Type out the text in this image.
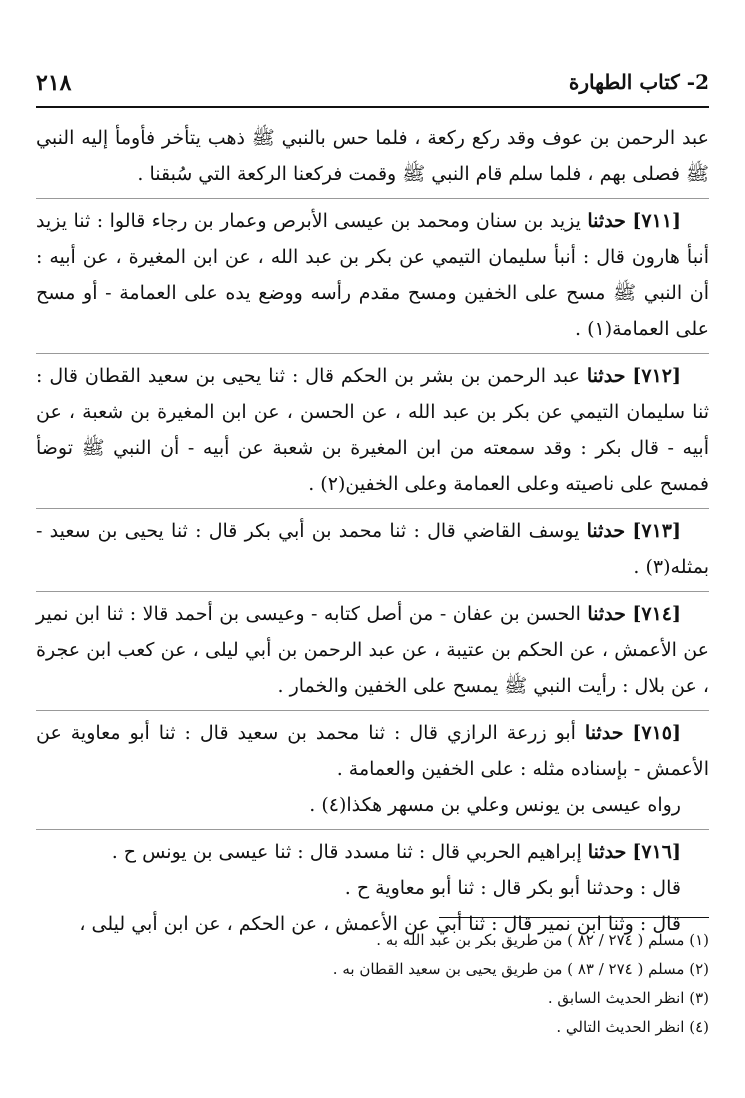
٢١٨	2- كتاب الطهارة

عبد الرحمن بن عوف وقد ركع ركعة ، فلما حس بالنبي ﷺ ذهب يتأخر فأومأ إليه النبي ﷺ فصلى بهم ، فلما سلم قام النبي ﷺ وقمت فركعنا الركعة التي سُبقنا .

[٧١١] حدثنا يزيد بن سنان ومحمد بن عيسى الأبرص وعمار بن رجاء قالوا : ثنا يزيد أنبأ هارون قال : أنبأ سليمان التيمي عن بكر بن عبد الله ، عن ابن المغيرة ، عن أبيه : أن النبي ﷺ مسح على الخفين ومسح مقدم رأسه ووضع يده على العمامة - أو مسح على العمامة(١) .

[٧١٢] حدثنا عبد الرحمن بن بشر بن الحكم قال : ثنا يحيى بن سعيد القطان قال : ثنا سليمان التيمي عن بكر بن عبد الله ، عن الحسن ، عن ابن المغيرة بن شعبة ، عن أبيه - قال بكر : وقد سمعته من ابن المغيرة بن شعبة عن أبيه - أن النبي ﷺ توضأ فمسح على ناصيته وعلى العمامة وعلى الخفين(٢) .

[٧١٣] حدثنا يوسف القاضي قال : ثنا محمد بن أبي بكر قال : ثنا يحيى بن سعيد - بمثله(٣) .

[٧١٤] حدثنا الحسن بن عفان - من أصل كتابه - وعيسى بن أحمد قالا : ثنا ابن نمير عن الأعمش ، عن الحكم بن عتيبة ، عن عبد الرحمن بن أبي ليلى ، عن كعب ابن عجرة ، عن بلال : رأيت النبي ﷺ يمسح على الخفين والخمار .

[٧١٥] حدثنا أبو زرعة الرازي قال : ثنا محمد بن سعيد قال : ثنا أبو معاوية عن الأعمش - بإسناده مثله : على الخفين والعمامة .

رواه عيسى بن يونس وعلي بن مسهر هكذا(٤) .

[٧١٦] حدثنا إبراهيم الحربي قال : ثنا مسدد قال : ثنا عيسى بن يونس ح .

قال : وحدثنا أبو بكر قال : ثنا أبو معاوية ح .

قال : وثنا ابن نمير قال : ثنا أبي عن الأعمش ، عن الحكم ، عن ابن أبي ليلى ،

(١) مسلم ( ٢٧٤ / ٨٢ ) من طريق بكر بن عبد الله به .

(٢) مسلم ( ٢٧٤ / ٨٣ ) من طريق يحيى بن سعيد القطان به .

(٣) انظر الحديث السابق .

(٤) انظر الحديث التالي .
